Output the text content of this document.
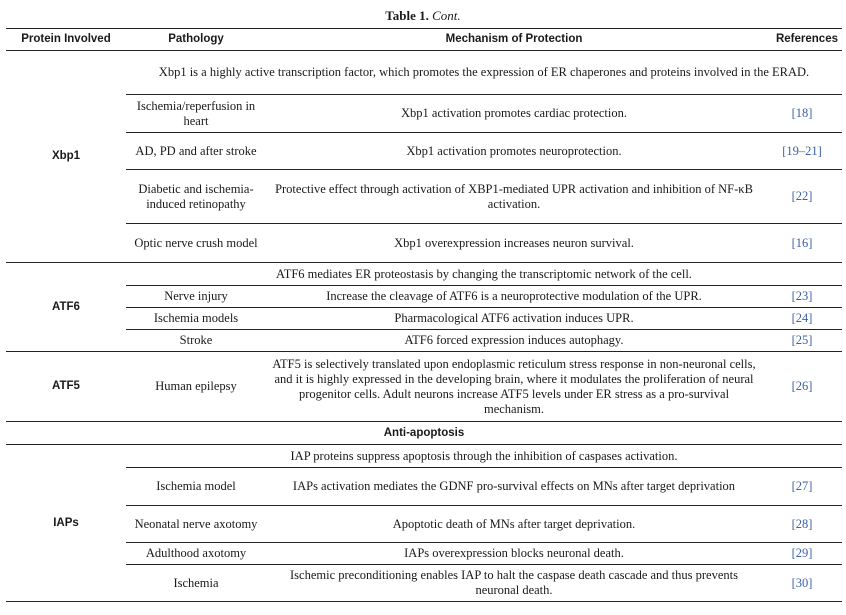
Table 1. Cont.
Protein Involved	Pathology	Mechanism of Protection	References
Xbp1	Xbp1 is a highly active transcription factor, which promotes the expression of ER chaperones and proteins involved in the ERAD.		
	Ischemia/reperfusion in heart	Xbp1 activation promotes cardiac protection.	[18]
	AD, PD and after stroke	Xbp1 activation promotes neuroprotection.	[19–21]
	Diabetic and ischemia-induced retinopathy	Protective effect through activation of XBP1-mediated UPR activation and inhibition of NF-κB activation.	[22]
	Optic nerve crush model	Xbp1 overexpression increases neuron survival.	[16]
ATF6	ATF6 mediates ER proteostasis by changing the transcriptomic network of the cell.		
	Nerve injury	Increase the cleavage of ATF6 is a neuroprotective modulation of the UPR.	[23]
	Ischemia models	Pharmacological ATF6 activation induces UPR.	[24]
	Stroke	ATF6 forced expression induces autophagy.	[25]
ATF5	Human epilepsy	ATF5 is selectively translated upon endoplasmic reticulum stress response in non-neuronal cells, and it is highly expressed in the developing brain, where it modulates the proliferation of neural progenitor cells. Adult neurons increase ATF5 levels under ER stress as a pro-survival mechanism.	[26]
Anti-apoptosis			
IAPs	IAP proteins suppress apoptosis through the inhibition of caspases activation.		
	Ischemia model	IAPs activation mediates the GDNF pro-survival effects on MNs after target deprivation	[27]
	Neonatal nerve axotomy	Apoptotic death of MNs after target deprivation.	[28]
	Adulthood axotomy	IAPs overexpression blocks neuronal death.	[29]
	Ischemia	Ischemic preconditioning enables IAP to halt the caspase death cascade and thus prevents neuronal death.	[30]
